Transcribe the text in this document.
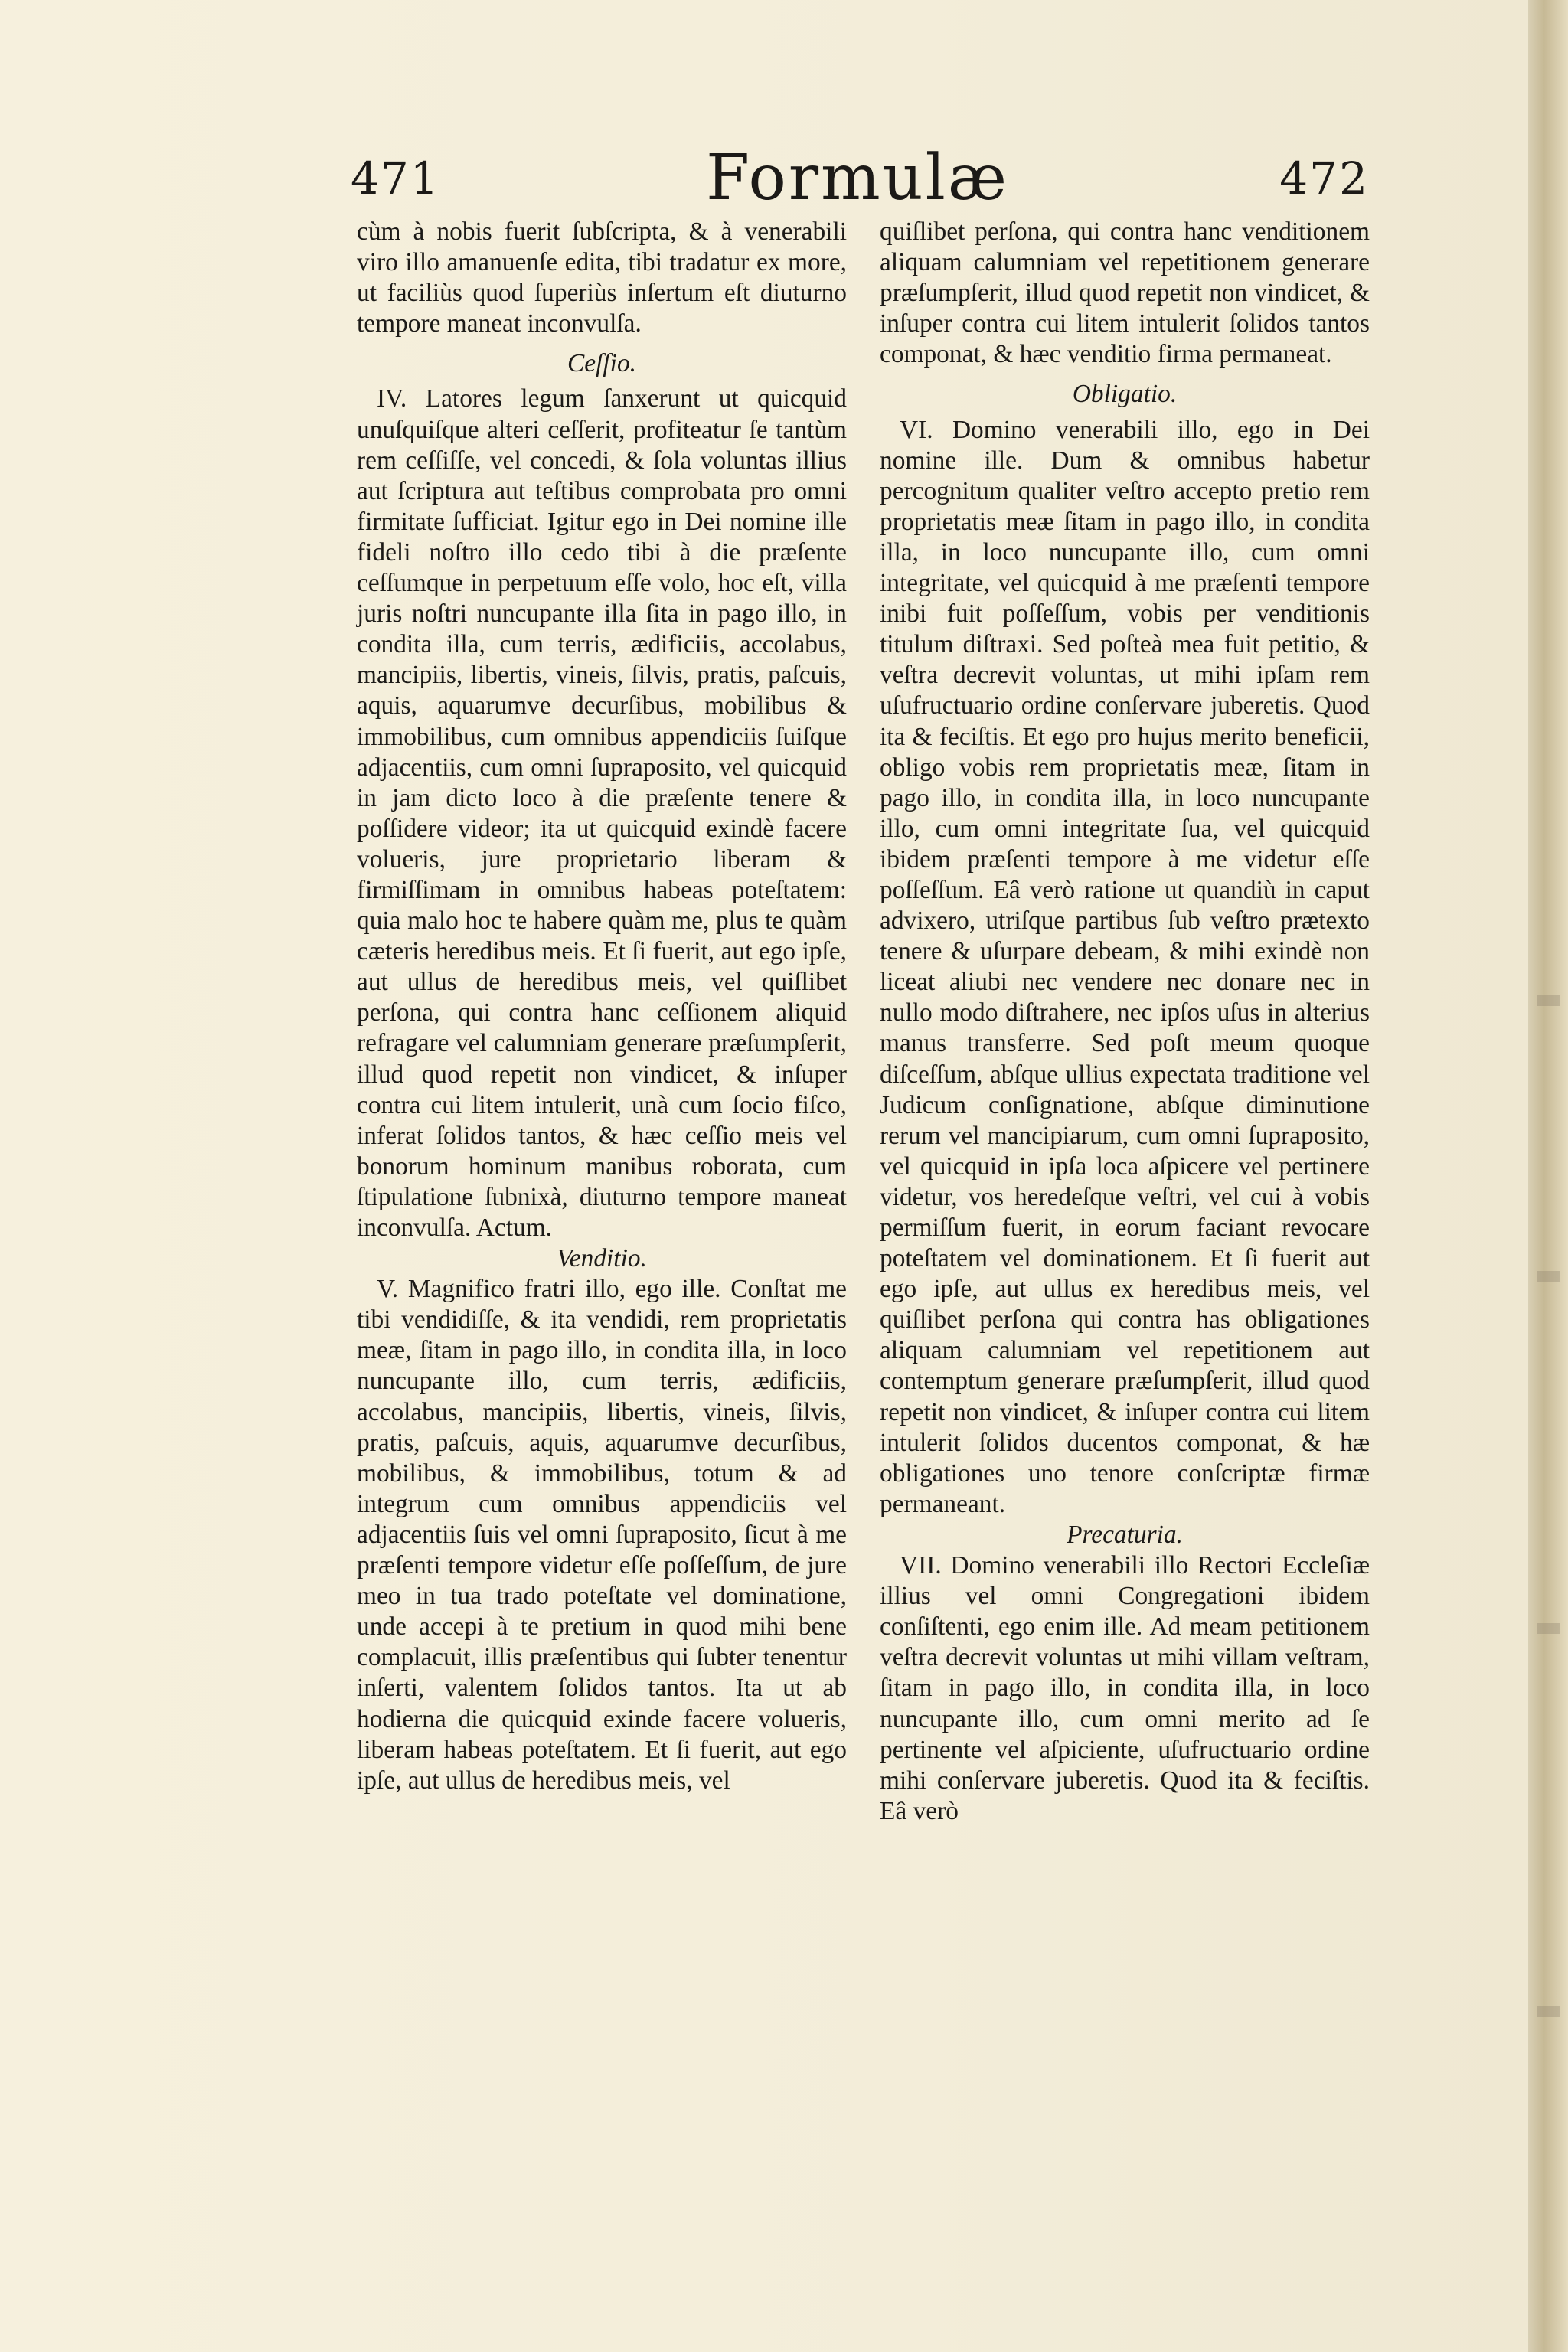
471	Formulæ	472

cùm à nobis fuerit ſubſcripta, & à venerabili viro illo amanuenſe edita, tibi tradatur ex more, ut faciliùs quod ſuperiùs inſertum eſt diuturno tempore maneat inconvulſa.

Ceſſio.

IV. Latores legum ſanxerunt ut quicquid unuſquiſque alteri ceſſerit, profiteatur ſe tantùm rem ceſſiſſe, vel concedi, & ſola voluntas illius aut ſcriptura aut teſtibus comprobata pro omni firmitate ſufficiat. Igitur ego in Dei nomine ille fideli noſtro illo cedo tibi à die præſente ceſſumque in perpetuum eſſe volo, hoc eſt, villa juris noſtri nuncupante illa ſita in pago illo, in condita illa, cum terris, ædificiis, accolabus, mancipiis, libertis, vineis, ſilvis, pratis, paſcuis, aquis, aquarumve decurſibus, mobilibus & immobilibus, cum omnibus appendiciis ſuiſque adjacentiis, cum omni ſupraposito, vel quicquid in jam dicto loco à die præſente tenere & poſſidere videor; ita ut quicquid exindè facere volueris, jure proprietario liberam & firmiſſimam in omnibus habeas poteſtatem: quia malo hoc te habere quàm me, plus te quàm cæteris heredibus meis. Et ſi fuerit, aut ego ipſe, aut ullus de heredibus meis, vel quiſlibet perſona, qui contra hanc ceſſionem aliquid refragare vel calumniam generare præſumpſerit, illud quod repetit non vindicet, & inſuper contra cui litem intulerit, unà cum ſocio fiſco, inferat ſolidos tantos, & hæc ceſſio meis vel bonorum hominum manibus roborata, cum ſtipulatione ſubnixà, diuturno tempore maneat inconvulſa. Actum.

Venditio.

V. Magnifico fratri illo, ego ille. Conſtat me tibi vendidiſſe, & ita vendidi, rem proprietatis meæ, ſitam in pago illo, in condita illa, in loco nuncupante illo, cum terris, ædificiis, accolabus, mancipiis, libertis, vineis, ſilvis, pratis, paſcuis, aquis, aquarumve decurſibus, mobilibus, & immobilibus, totum & ad integrum cum omnibus appendiciis vel adjacentiis ſuis vel omni ſupraposito, ſicut à me præſenti tempore videtur eſſe poſſeſſum, de jure meo in tua trado poteſtate vel dominatione, unde accepi à te pretium in quod mihi bene complacuit, illis præſentibus qui ſubter tenentur inſerti, valentem ſolidos tantos. Ita ut ab hodierna die quicquid exinde facere volueris, liberam habeas poteſtatem. Et ſi fuerit, aut ego ipſe, aut ullus de heredibus meis, vel

quiſlibet perſona, qui contra hanc venditionem aliquam calumniam vel repetitionem generare præſumpſerit, illud quod repetit non vindicet, & inſuper contra cui litem intulerit ſolidos tantos componat, & hæc venditio firma permaneat.

Obligatio.

VI. Domino venerabili illo, ego in Dei nomine ille. Dum & omnibus habetur percognitum qualiter veſtro accepto pretio rem proprietatis meæ ſitam in pago illo, in condita illa, in loco nuncupante illo, cum omni integritate, vel quicquid à me præſenti tempore inibi fuit poſſeſſum, vobis per venditionis titulum diſtraxi. Sed poſteà mea fuit petitio, & veſtra decrevit voluntas, ut mihi ipſam rem uſufructuario ordine conſervare juberetis. Quod ita & feciſtis. Et ego pro hujus merito beneficii, obligo vobis rem proprietatis meæ, ſitam in pago illo, in condita illa, in loco nuncupante illo, cum omni integritate ſua, vel quicquid ibidem præſenti tempore à me videtur eſſe poſſeſſum. Eâ verò ratione ut quandiù in caput advixero, utriſque partibus ſub veſtro prætexto tenere & uſurpare debeam, & mihi exindè non liceat aliubi nec vendere nec donare nec in nullo modo diſtrahere, nec ipſos uſus in alterius manus transferre. Sed poſt meum quoque diſceſſum, abſque ullius expectata traditione vel Judicum conſignatione, abſque diminutione rerum vel mancipiarum, cum omni ſupraposito, vel quicquid in ipſa loca aſpicere vel pertinere videtur, vos heredeſque veſtri, vel cui à vobis permiſſum fuerit, in eorum faciant revocare poteſtatem vel dominationem. Et ſi fuerit aut ego ipſe, aut ullus ex heredibus meis, vel quiſlibet perſona qui contra has obligationes aliquam calumniam vel repetitionem aut contemptum generare præſumpſerit, illud quod repetit non vindicet, & inſuper contra cui litem intulerit ſolidos ducentos componat, & hæ obligationes uno tenore conſcriptæ firmæ permaneant.

Precaturia.

VII. Domino venerabili illo Rectori Eccleſiæ illius vel omni Congregationi ibidem conſiſtenti, ego enim ille. Ad meam petitionem veſtra decrevit voluntas ut mihi villam veſtram, ſitam in pago illo, in condita illa, in loco nuncupante illo, cum omni merito ad ſe pertinente vel aſpiciente, uſufructuario ordine mihi conſervare juberetis. Quod ita & feciſtis. Eâ verò
